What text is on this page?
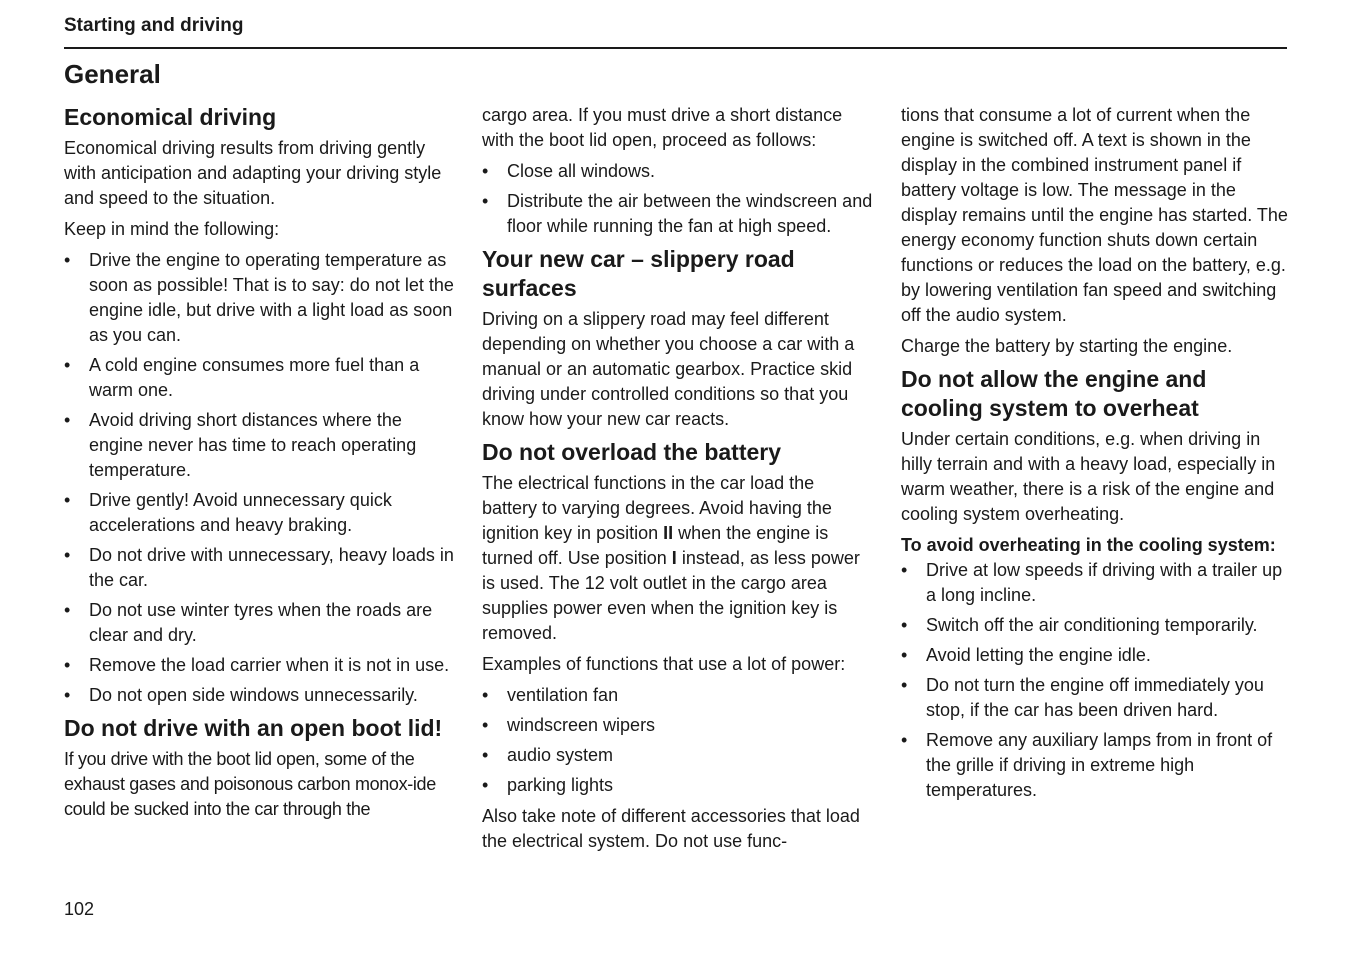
Starting and driving
General
Economical driving

Economical driving results from driving gently with anticipation and adapting your driving style and speed to the situation.

Keep in mind the following:

• Drive the engine to operating temperature as soon as possible! That is to say: do not let the engine idle, but drive with a light load as soon as you can.
• A cold engine consumes more fuel than a warm one.
• Avoid driving short distances where the engine never has time to reach operating temperature.
• Drive gently! Avoid unnecessary quick accelerations and heavy braking.
• Do not drive with unnecessary, heavy loads in the car.
• Do not use winter tyres when the roads are clear and dry.
• Remove the load carrier when it is not in use.
• Do not open side windows unnecessarily.
Do not drive with an open boot lid!

If you drive with the boot lid open, some of the exhaust gases and poisonous carbon monox-ide could be sucked into the car through the

cargo area. If you must drive a short distance with the boot lid open, proceed as follows:

• Close all windows.
• Distribute the air between the windscreen and floor while running the fan at high speed.
Your new car – slippery road surfaces

Driving on a slippery road may feel different depending on whether you choose a car with a manual or an automatic gearbox. Practice skid driving under controlled conditions so that you know how your new car reacts.

Do not overload the battery

The electrical functions in the car load the battery to varying degrees. Avoid having the ignition key in position II when the engine is turned off. Use position I instead, as less power is used. The 12 volt outlet in the cargo area supplies power even when the ignition key is removed.

Examples of functions that use a lot of power:

• ventilation fan
• windscreen wipers
• audio system
• parking lights

Also take note of different accessories that load the electrical system. Do not use func-

tions that consume a lot of current when the engine is switched off. A text is shown in the display in the combined instrument panel if battery voltage is low. The message in the display remains until the engine has started. The energy economy function shuts down certain functions or reduces the load on the battery, e.g. by lowering ventilation fan speed and switching off the audio system.

Charge the battery by starting the engine.

Do not allow the engine and cooling system to overheat

Under certain conditions, e.g. when driving in hilly terrain and with a heavy load, especially in warm weather, there is a risk of the engine and cooling system overheating.

To avoid overheating in the cooling system:
• Drive at low speeds if driving with a trailer up a long incline.
• Switch off the air conditioning temporarily.
• Avoid letting the engine idle.
• Do not turn the engine off immediately you stop, if the car has been driven hard.
• Remove any auxiliary lamps from in front of the grille if driving in extreme high temperatures.
102
